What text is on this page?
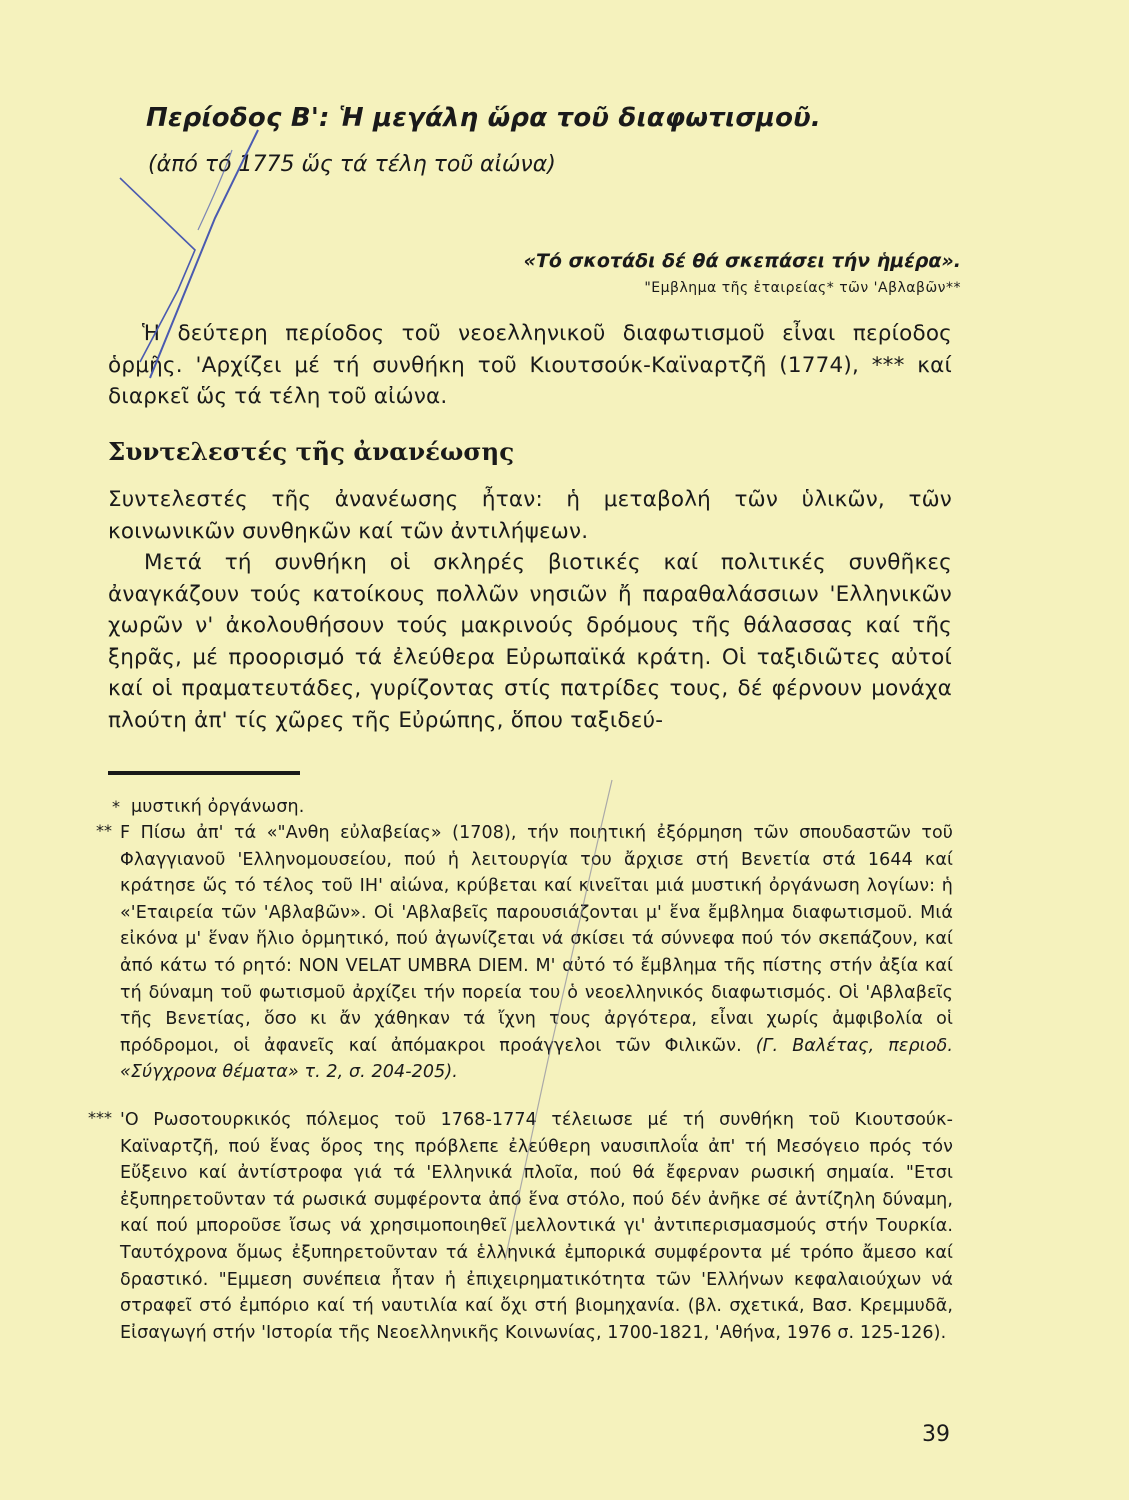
Περίοδος Β': Ἡ μεγάλη ὥρα τοῦ διαφωτισμοῦ.
(ἀπό τό 1775 ὥς τά τέλη τοῦ αἰώνα)
«Τό σκοτάδι δέ θά σκεπάσει τήν ἡμέρα».
"Εμβλημα τῆς ἑταιρείας* τῶν 'Αβλαβῶν**
Ἡ δεύτερη περίοδος τοῦ νεοελληνικοῦ διαφωτισμοῦ εἶναι περίοδος ὁρμῆς. 'Αρχίζει μέ τή συνθήκη τοῦ Κιουτσούκ-Καϊναρτζῆ (1774), *** καί διαρκεῖ ὥς τά τέλη τοῦ αἰώνα.
Συντελεστές τῆς ἀνανέωσης
Συντελεστές τῆς ἀνανέωσης ἦταν: ἡ μεταβολή τῶν ὑλικῶν, τῶν κοινωνικῶν συνθηκῶν καί τῶν ἀντιλήψεων.
Μετά τή συνθήκη οἱ σκληρές βιοτικές καί πολιτικές συνθῆκες ἀναγκάζουν τούς κατοίκους πολλῶν νησιῶν ἤ παραθαλάσσιων 'Ελληνικῶν χωρῶν ν' ἀκολουθήσουν τούς μακρινούς δρόμους τῆς θάλασσας καί τῆς ξηρᾶς, μέ προορισμό τά ἐλεύθερα Εὐρωπαϊκά κράτη. Οἱ ταξιδιῶτες αὐτοί καί οἱ πραματευτάδες, γυρίζοντας στίς πατρίδες τους, δέ φέρνουν μονάχα πλούτη ἀπ' τίς χῶρες τῆς Εὐρώπης, ὅπου ταξιδεύ-
* μυστική ὀργάνωση.
** F Πίσω ἀπ' τά «"Ανθη εὐλαβείας» (1708), τήν ποιητική ἐξόρμηση τῶν σπουδαστῶν τοῦ Φλαγγιανοῦ 'Ελληνομουσείου, πού ἡ λειτουργία του ἄρχισε στή Βενετία στά 1644 καί κράτησε ὥς τό τέλος τοῦ ΙΗ' αἰώνα, κρύβεται καί κινεῖται μιά μυστική ὀργάνωση λογίων: ἡ «'Εταιρεία τῶν 'Αβλαβῶν». Οἱ 'Αβλαβεῖς παρουσιάζονται μ' ἕνα ἔμβλημα διαφωτισμοῦ. Μιά εἰκόνα μ' ἕναν ἥλιο ὁρμητικό, πού ἀγωνίζεται νά σκίσει τά σύννεφα πού τόν σκεπάζουν, καί ἀπό κάτω τό ρητό: NON VELAT UMBRA DIEM. Μ' αὐτό τό ἔμβλημα τῆς πίστης στήν ἀξία καί τή δύναμη τοῦ φωτισμοῦ ἀρχίζει τήν πορεία του ὁ νεοελληνικός διαφωτισμός. Οἱ 'Αβλαβεῖς τῆς Βενετίας, ὅσο κι ἄν χάθηκαν τά ἴχνη τους ἀργότερα, εἶναι χωρίς ἀμφιβολία οἱ πρόδρομοι, οἱ ἀφανεῖς καί ἀπόμακροι προάγγελοι τῶν Φιλικῶν. (Γ. Βαλέτας, περιοδ. «Σύγχρονα θέματα» τ. 2, σ. 204-205).
*** 'Ο Ρωσοτουρκικός πόλεμος τοῦ 1768-1774 τέλειωσε μέ τή συνθήκη τοῦ Κιουτσούκ-Καϊναρτζῆ, πού ἕνας ὅρος της πρόβλεπε ἐλεύθερη ναυσιπλοΐα ἀπ' τή Μεσόγειο πρός τόν Εὔξεινο καί ἀντίστροφα γιά τά 'Ελληνικά πλοῖα, πού θά ἔφερναν ρωσική σημαία. "Ετσι ἐξυπηρετοῦνταν τά ρωσικά συμφέροντα ἀπό ἕνα στόλο, πού δέν ἀνῆκε σέ ἀντίζηλη δύναμη, καί πού μποροῦσε ἴσως νά χρησιμοποιηθεῖ μελλοντικά γι' ἀντιπερισμασμούς στήν Τουρκία. Ταυτόχρονα ὅμως ἐξυπηρετοῦνταν τά ἑλληνικά ἐμπορικά συμφέροντα μέ τρόπο ἄμεσο καί δραστικό. "Εμμεση συνέπεια ἦταν ἡ ἐπιχειρηματικότητα τῶν 'Ελλήνων κεφαλαιούχων νά στραφεῖ στό ἐμπόριο καί τή ναυτιλία καί ὄχι στή βιομηχανία. (βλ. σχετικά, Βασ. Κρεμμυδᾶ, Εἰσαγωγή στήν 'Ιστορία τῆς Νεοελληνικῆς Κοινωνίας, 1700-1821, 'Αθήνα, 1976 σ. 125-126).
39
